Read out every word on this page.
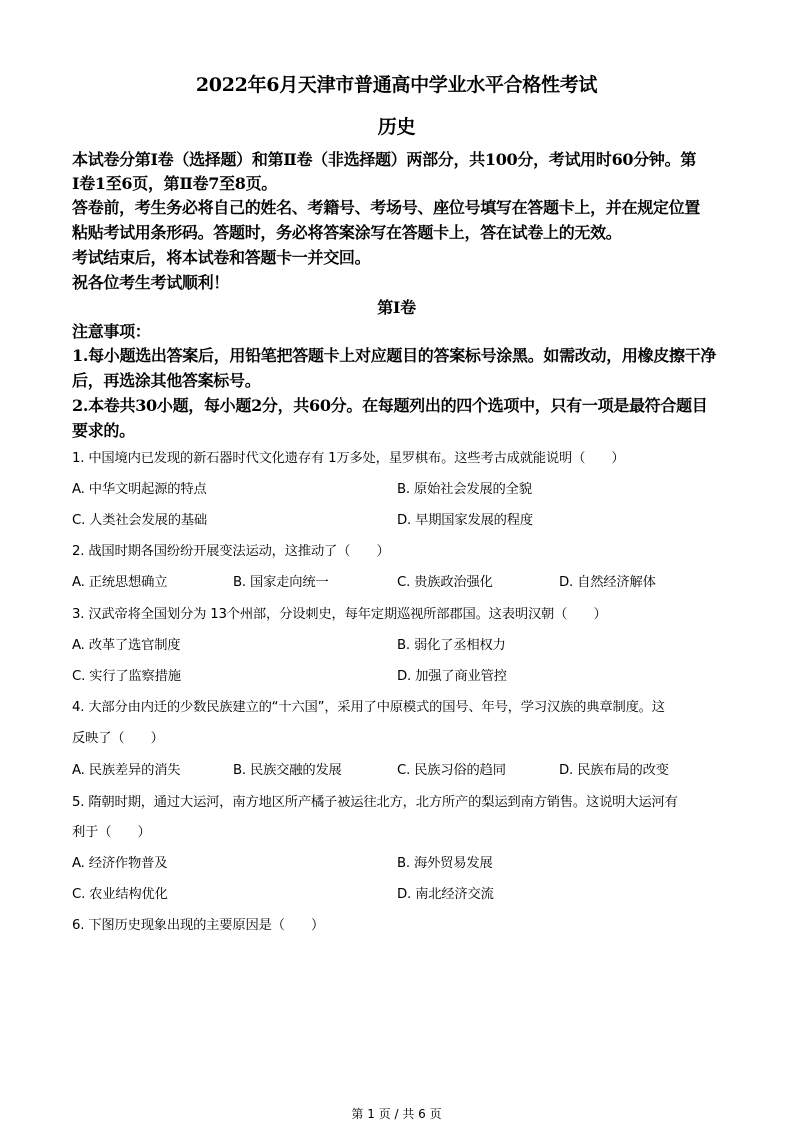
2022年6月天津市普通高中学业水平合格性考试
历史
本试卷分第Ⅰ卷（选择题）和第Ⅱ卷（非选择题）两部分，共100分，考试用时60分钟。第
Ⅰ卷1至6页，第Ⅱ卷7至8页。
答卷前，考生务必将自己的姓名、考籍号、考场号、座位号填写在答题卡上，并在规定位置
粘贴考试用条形码。答题时，务必将答案涂写在答题卡上，答在试卷上的无效。
考试结束后，将本试卷和答题卡一并交回。
祝各位考生考试顺利！
第Ⅰ卷
注意事项：
1.每小题选出答案后，用铅笔把答题卡上对应题目的答案标号涂黑。如需改动，用橡皮擦干净
后，再选涂其他答案标号。
2.本卷共30小题，每小题2分，共60分。在每题列出的四个选项中，只有一项是最符合题目
要求的。
1. 中国境内已发现的新石器时代文化遗存有 1万多处，星罗棋布。这些考古成就能说明（　　）
A. 中华文明起源的特点	B. 原始社会发展的全貌
C. 人类社会发展的基础	D. 早期国家发展的程度
2. 战国时期各国纷纷开展变法运动，这推动了（　　）
A. 正统思想确立	B. 国家走向统一	C. 贵族政治强化	D. 自然经济解体
3. 汉武帝将全国划分为 13个州部，分设刺史，每年定期巡视所部郡国。这表明汉朝（　　）
A. 改革了选官制度	B. 弱化了丞相权力
C. 实行了监察措施	D. 加强了商业管控
4. 大部分由内迁的少数民族建立的“十六国”，采用了中原模式的国号、年号，学习汉族的典章制度。这
反映了（　　）
A. 民族差异的消失	B. 民族交融的发展	C. 民族习俗的趋同	D. 民族布局的改变
5. 隋朝时期，通过大运河，南方地区所产橘子被运往北方，北方所产的梨运到南方销售。这说明大运河有
利于（　　）
A. 经济作物普及	B. 海外贸易发展
C. 农业结构优化	D. 南北经济交流
6. 下图历史现象出现的主要原因是（　　）
第 1 页 / 共 6 页
